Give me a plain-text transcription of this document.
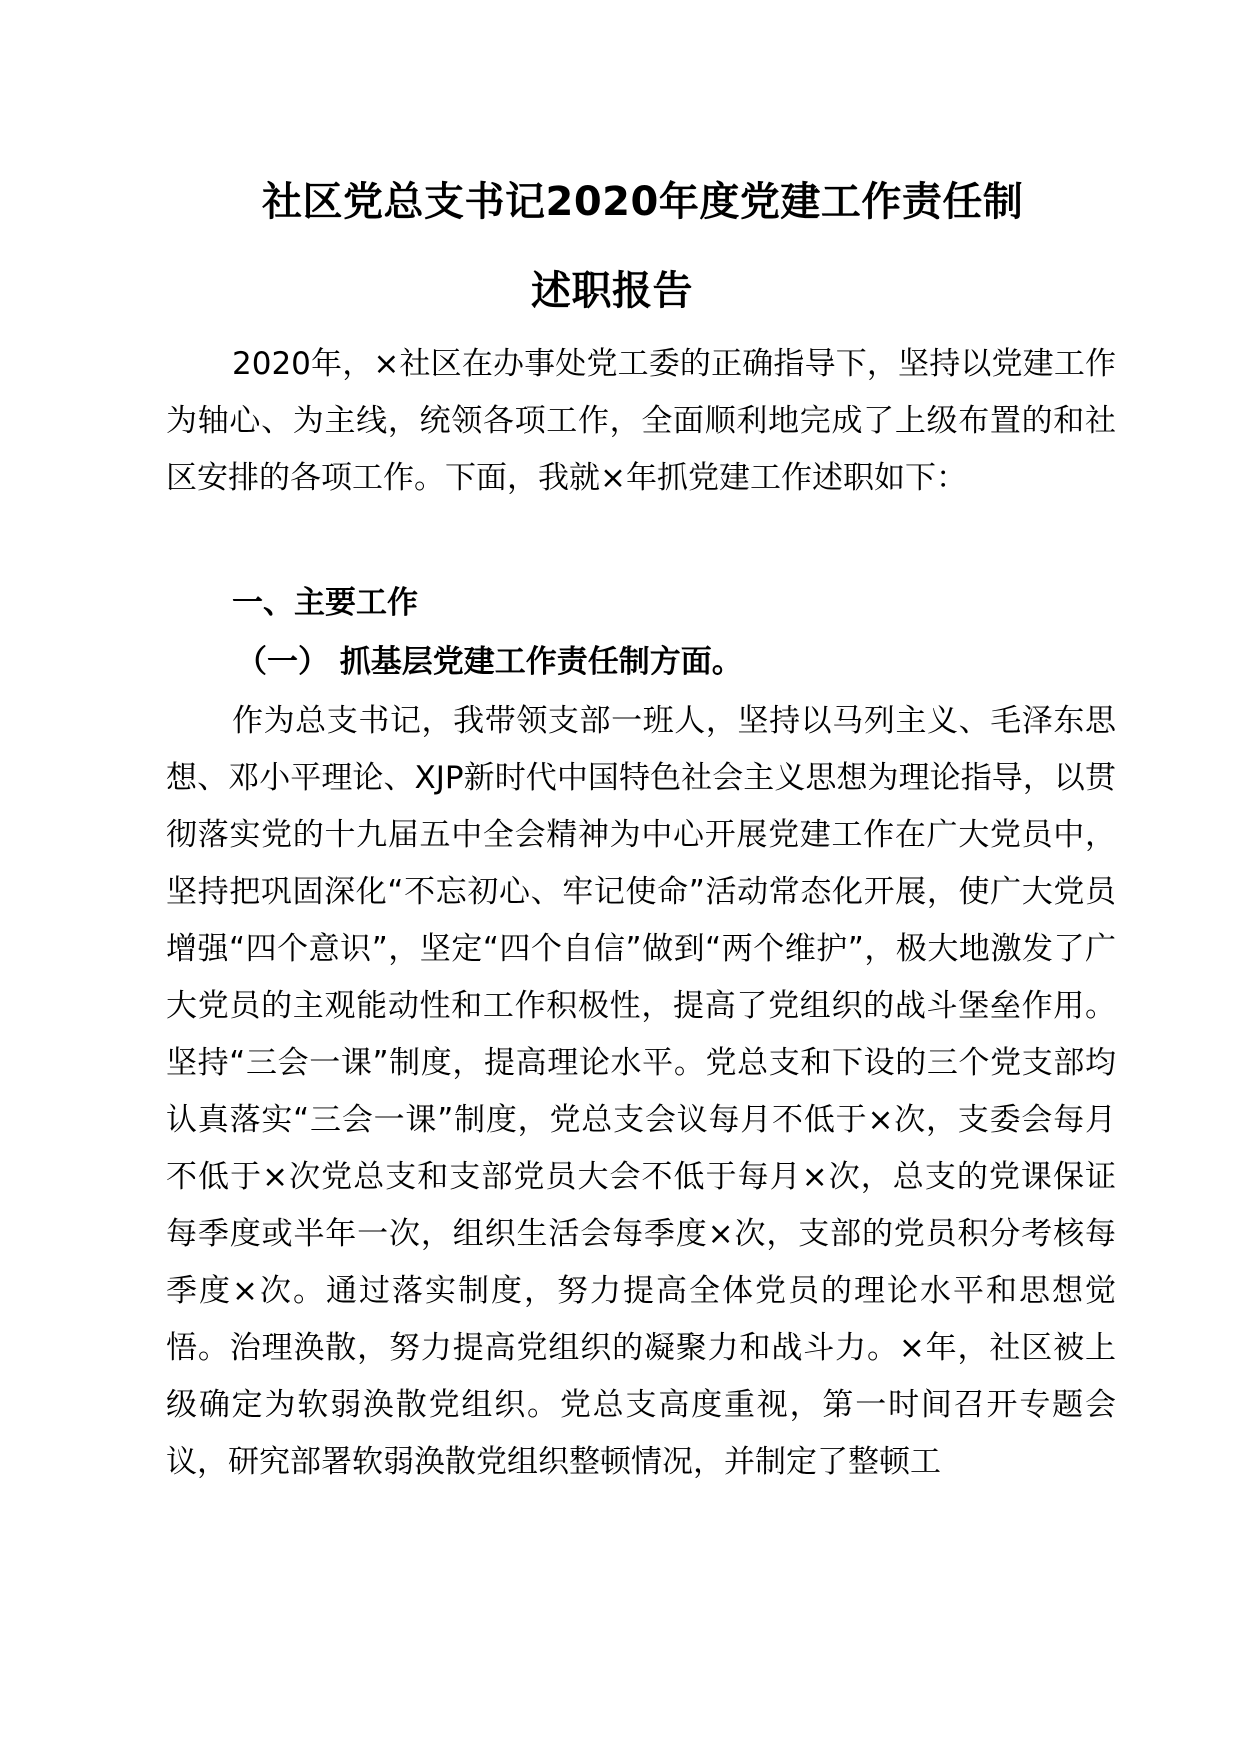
社区党总支书记2020年度党建工作责任制
述职报告

2020年，×社区在办事处党工委的正确指导下，坚持以党建工作为轴心、为主线，统领各项工作，全面顺利地完成了上级布置的和社区安排的各项工作。下面，我就×年抓党建工作述职如下：

一、主要工作

（一） 抓基层党建工作责任制方面。

作为总支书记，我带领支部一班人，坚持以马列主义、毛泽东思想、邓小平理论、XJP新时代中国特色社会主义思想为理论指导，以贯彻落实党的十九届五中全会精神为中心开展党建工作在广大党员中，坚持把巩固深化“不忘初心、牢记使命”活动常态化开展，使广大党员增强“四个意识”，坚定“四个自信”做到“两个维护”，极大地激发了广大党员的主观能动性和工作积极性，提高了党组织的战斗堡垒作用。坚持“三会一课”制度，提高理论水平。党总支和下设的三个党支部均认真落实“三会一课”制度，党总支会议每月不低于×次，支委会每月不低于×次党总支和支部党员大会不低于每月×次，总支的党课保证每季度或半年一次，组织生活会每季度×次，支部的党员积分考核每季度×次。通过落实制度，努力提高全体党员的理论水平和思想觉悟。治理涣散，努力提高党组织的凝聚力和战斗力。×年，社区被上级确定为软弱涣散党组织。党总支高度重视，第一时间召开专题会议，研究部署软弱涣散党组织整顿情况，并制定了整顿工
